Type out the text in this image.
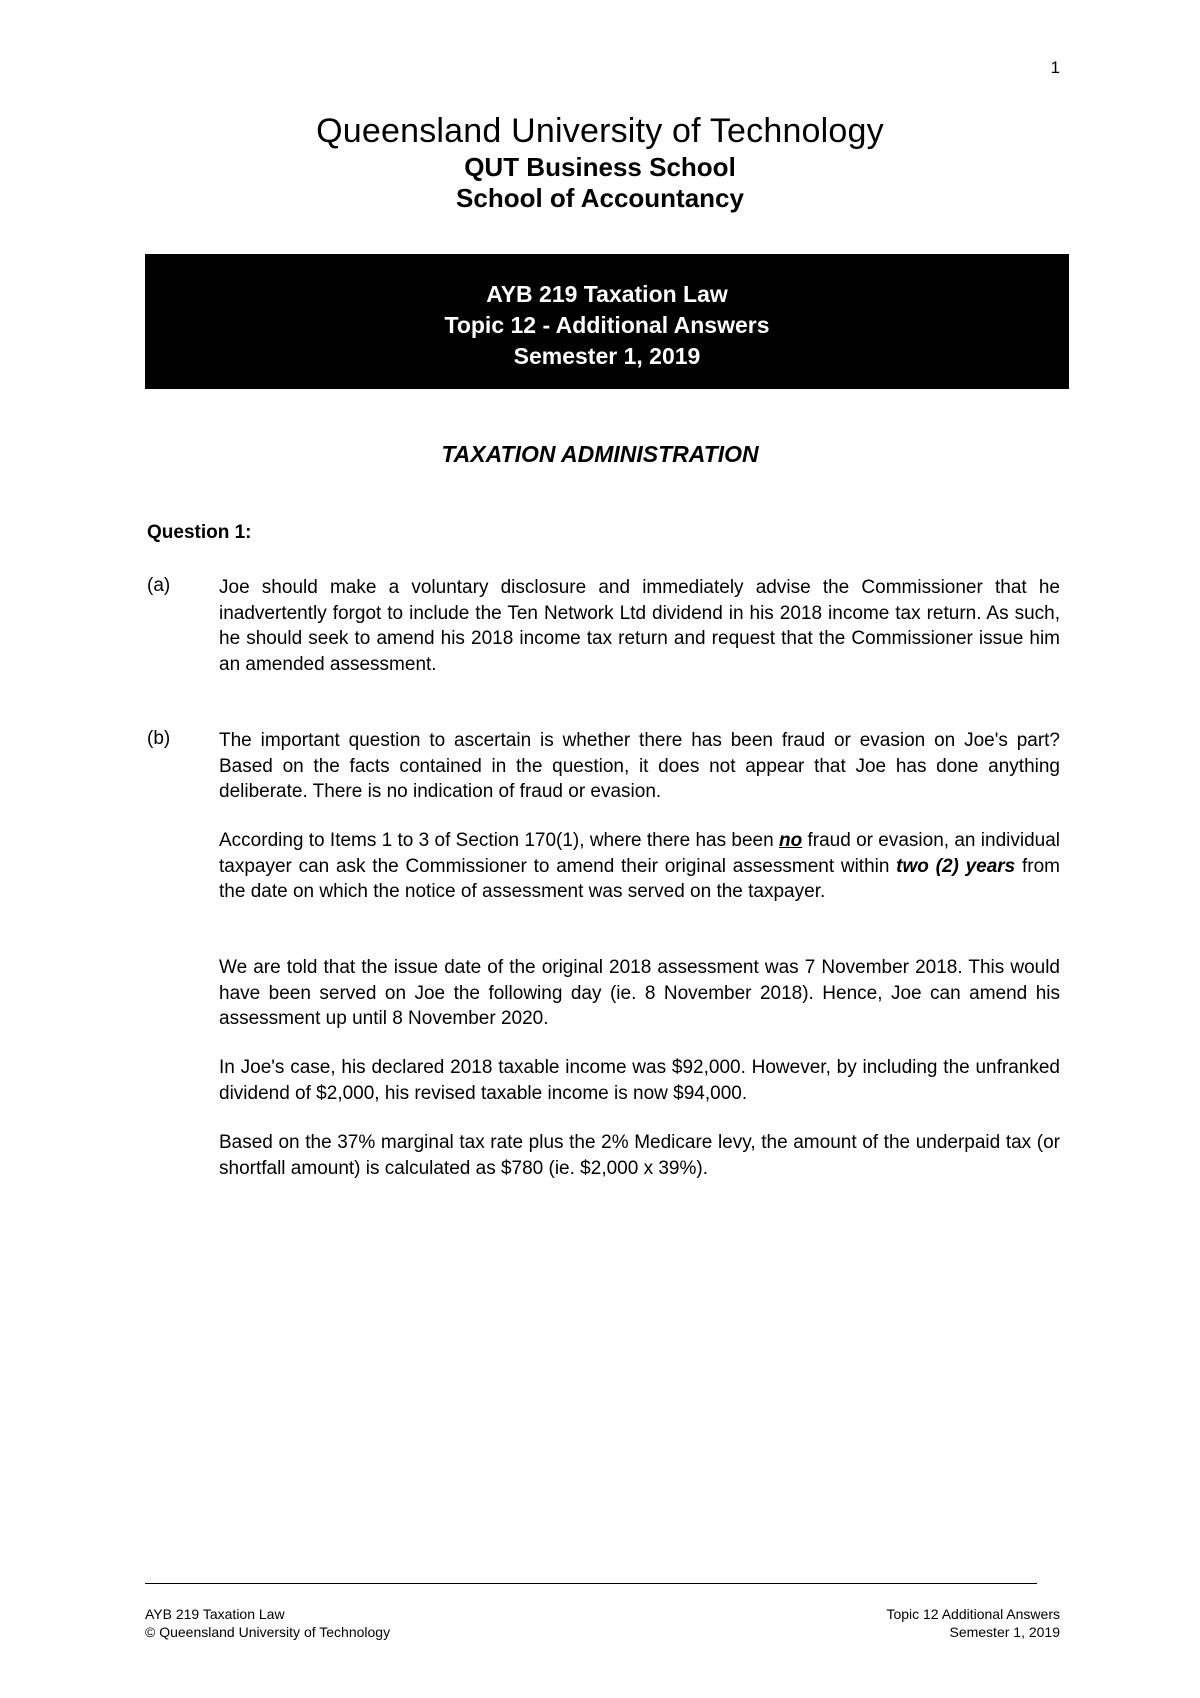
1
Queensland University of Technology
QUT Business School
School of Accountancy
AYB 219 Taxation Law
Topic 12 - Additional Answers
Semester 1, 2019
TAXATION ADMINISTRATION
Question 1:
(a)	Joe should make a voluntary disclosure and immediately advise the Commissioner that he inadvertently forgot to include the Ten Network Ltd dividend in his 2018 income tax return. As such, he should seek to amend his 2018 income tax return and request that the Commissioner issue him an amended assessment.

(b)	The important question to ascertain is whether there has been fraud or evasion on Joe's part? Based on the facts contained in the question, it does not appear that Joe has done anything deliberate. There is no indication of fraud or evasion.

According to Items 1 to 3 of Section 170(1), where there has been no fraud or evasion, an individual taxpayer can ask the Commissioner to amend their original assessment within two (2) years from the date on which the notice of assessment was served on the taxpayer.

We are told that the issue date of the original 2018 assessment was 7 November 2018. This would have been served on Joe the following day (ie. 8 November 2018). Hence, Joe can amend his assessment up until 8 November 2020.

In Joe's case, his declared 2018 taxable income was $92,000. However, by including the unfranked dividend of $2,000, his revised taxable income is now $94,000.

Based on the 37% marginal tax rate plus the 2% Medicare levy, the amount of the underpaid tax (or shortfall amount) is calculated as $780 (ie. $2,000 x 39%).

AYB 219 Taxation Law
© Queensland University of Technology
Topic 12 Additional Answers
Semester 1, 2019
